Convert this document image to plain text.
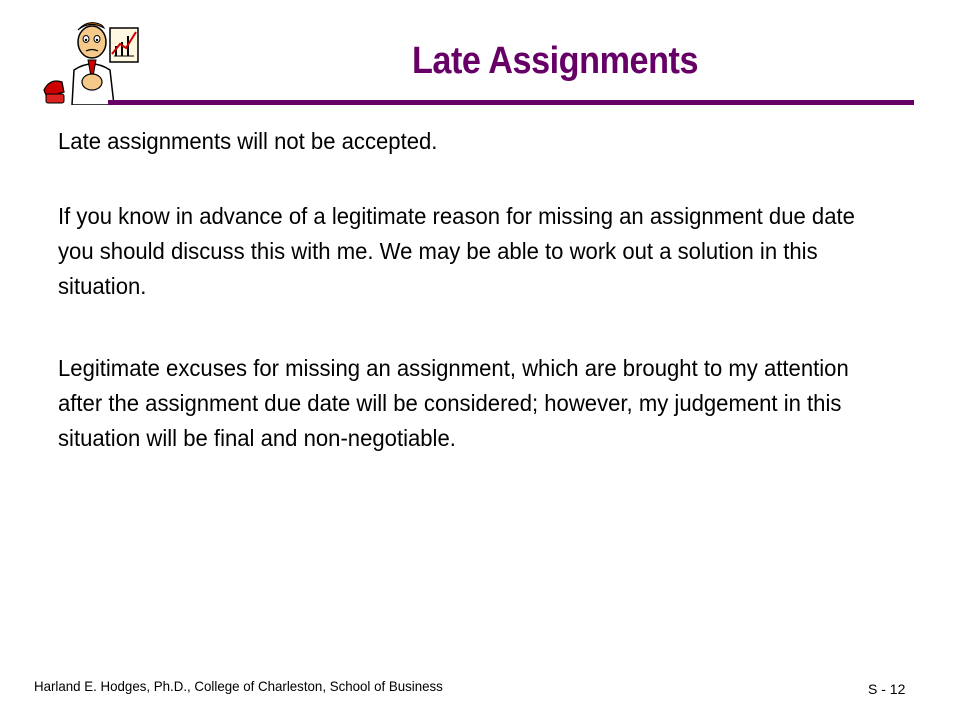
Late Assignments
Late assignments will not be accepted.
If you know in advance of a legitimate reason for missing an assignment due date you should discuss this with me. We may be able to work out a solution in this situation.
Legitimate excuses for missing an assignment, which are brought to my attention after the assignment due date will be considered; however, my judgement in this situation will be final and non-negotiable.
Harland E. Hodges, Ph.D., College of Charleston, School of Business	S - 12
